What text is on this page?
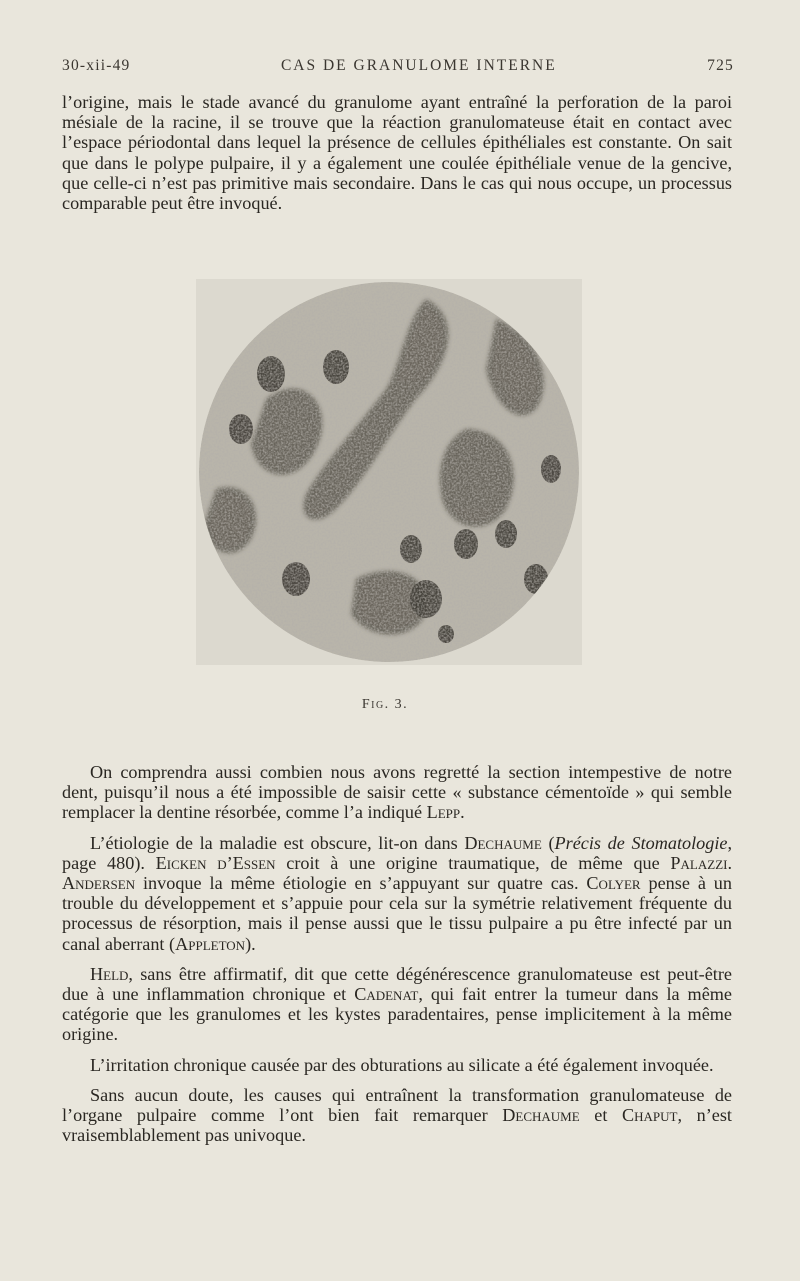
30-xii-49	CAS DE GRANULOME INTERNE	725

l’origine, mais le stade avancé du granulome ayant entraîné la perforation de la paroi mésiale de la racine, il se trouve que la réaction granulomateuse était en contact avec l’espace périodontal dans lequel la présence de cellules épithéliales est constante. On sait que dans le polype pulpaire, il y a également une coulée épithéliale venue de la gencive, que celle-ci n’est pas primitive mais secondaire. Dans le cas qui nous occupe, un processus comparable peut être invoqué.

Fig. 3.

On comprendra aussi combien nous avons regretté la section intempestive de notre dent, puisqu’il nous a été impossible de saisir cette « substance cémentoïde » qui semble remplacer la dentine résorbée, comme l’a indiqué Lepp.

L’étiologie de la maladie est obscure, lit-on dans Dechaume (Précis de Stomatologie, page 480). Eicken d’Essen croit à une origine traumatique, de même que Palazzi. Andersen invoque la même étiologie en s’appuyant sur quatre cas. Colyer pense à un trouble du développement et s’appuie pour cela sur la symétrie relativement fréquente du processus de résorption, mais il pense aussi que le tissu pulpaire a pu être infecté par un canal aberrant (Appleton).

Held, sans être affirmatif, dit que cette dégénérescence granulomateuse est peut-être due à une inflammation chronique et Cadenat, qui fait entrer la tumeur dans la même catégorie que les granulomes et les kystes paradentaires, pense implicitement à la même origine.

L’irritation chronique causée par des obturations au silicate a été également invoquée.

Sans aucun doute, les causes qui entraînent la transformation granulomateuse de l’organe pulpaire comme l’ont bien fait remarquer Dechaume et Chaput, n’est vraisemblablement pas univoque.
